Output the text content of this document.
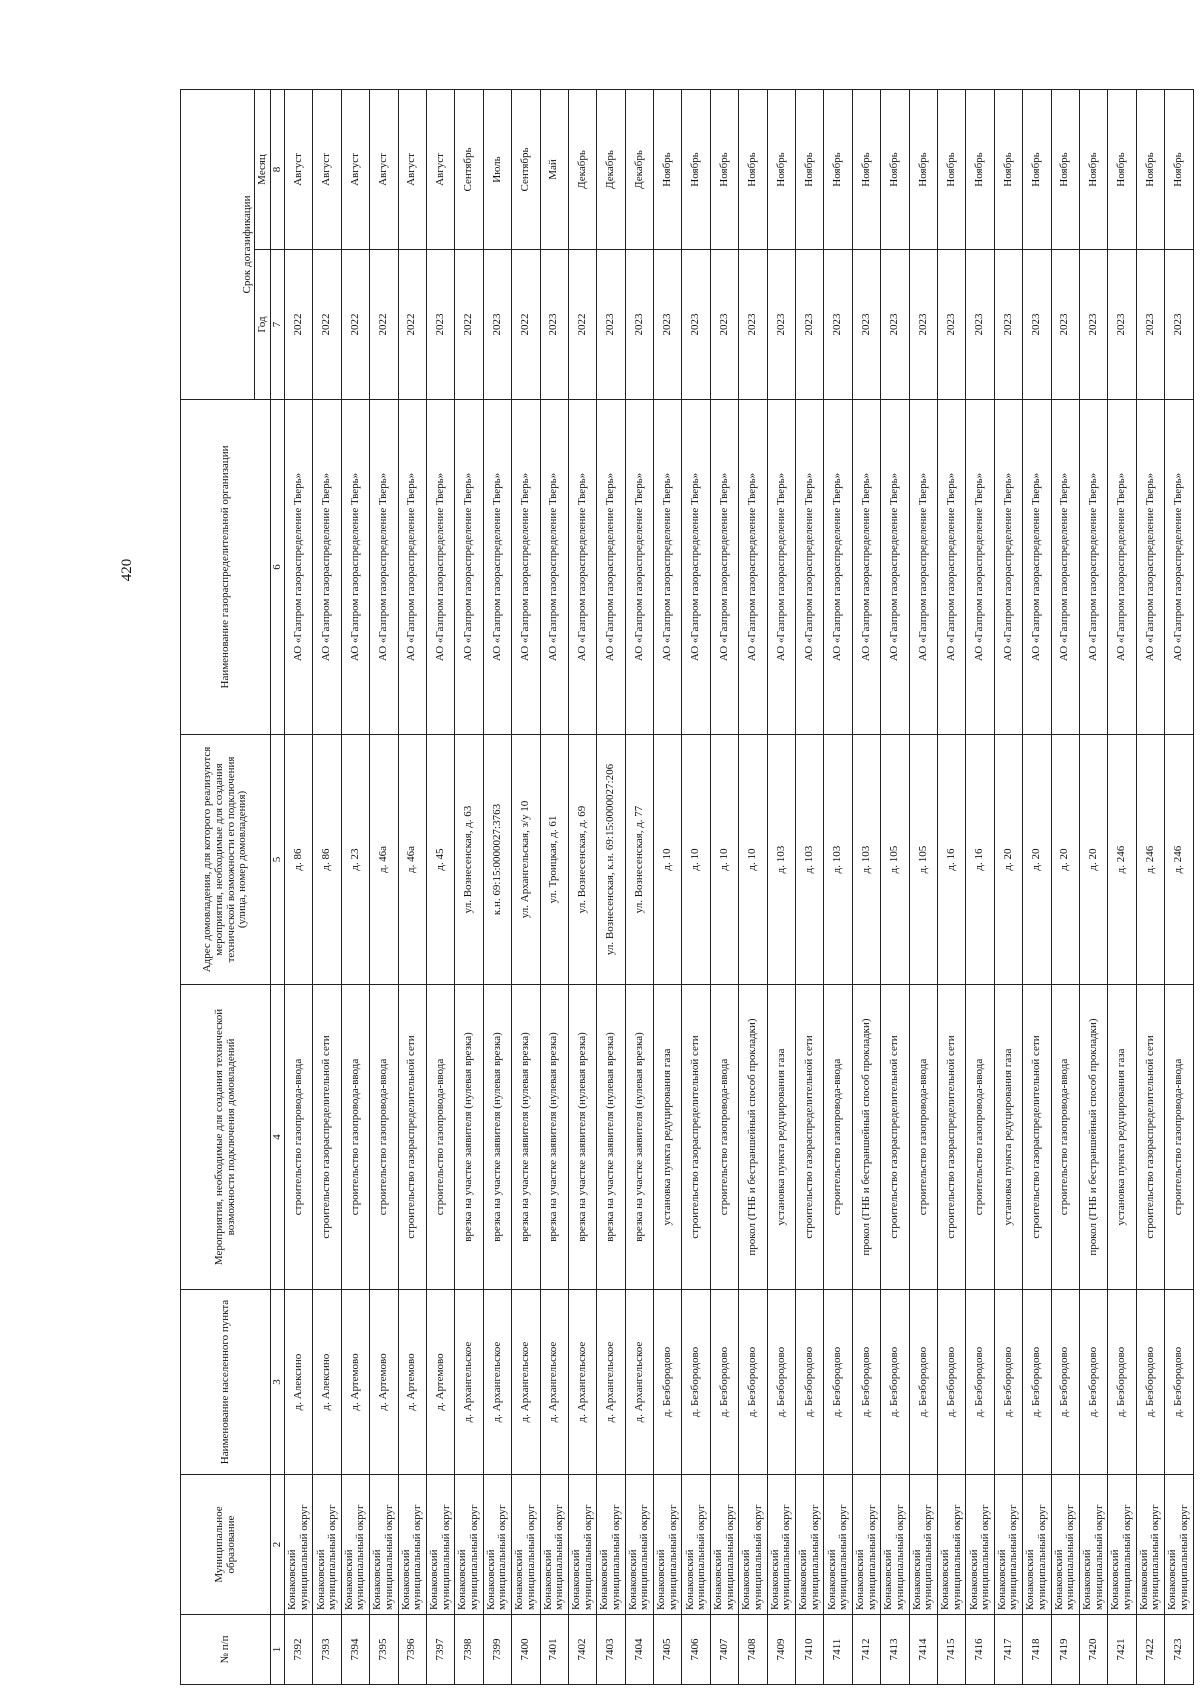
420
№ п/п	Муниципальное образование	Наименование населенного пункта	Мероприятия, необходимые для создания технической возможности подключения домовладений	Адрес домовладения, для которого реализуются мероприятия, необходимые для создания технической возможности его подключения (улица, номер домовладения)	Наименование газораспределительной организации	Срок догазификации	
						Год	Месяц
1	2	3	4	5	6	7	8
7392	Конаковский муниципальный округ	д. Алексино	строительство газопровода-ввода	д. 86	АО «Газпром газораспределение Тверь»	2022	Август
7393	Конаковский муниципальный округ	д. Алексино	строительство газораспределительной сети	д. 86	АО «Газпром газораспределение Тверь»	2022	Август
7394	Конаковский муниципальный округ	д. Артемово	строительство газопровода-ввода	д. 23	АО «Газпром газораспределение Тверь»	2022	Август
7395	Конаковский муниципальный округ	д. Артемово	строительство газопровода-ввода	д. 46а	АО «Газпром газораспределение Тверь»	2022	Август
7396	Конаковский муниципальный округ	д. Артемово	строительство газораспределительной сети	д. 46а	АО «Газпром газораспределение Тверь»	2022	Август
7397	Конаковский муниципальный округ	д. Артемово	строительство газопровода-ввода	д. 45	АО «Газпром газораспределение Тверь»	2023	Август
7398	Конаковский муниципальный округ	д. Архангельское	врезка на участке заявителя (нулевая врезка)	ул. Вознесенская, д. 63	АО «Газпром газораспределение Тверь»	2022	Сентябрь
7399	Конаковский муниципальный округ	д. Архангельское	врезка на участке заявителя (нулевая врезка)	к.н. 69:15:0000027:3763	АО «Газпром газораспределение Тверь»	2023	Июль
7400	Конаковский муниципальный округ	д. Архангельское	врезка на участке заявителя (нулевая врезка)	ул. Архангельская, з/у 10	АО «Газпром газораспределение Тверь»	2022	Сентябрь
7401	Конаковский муниципальный округ	д. Архангельское	врезка на участке заявителя (нулевая врезка)	ул. Троицкая, д. 61	АО «Газпром газораспределение Тверь»	2023	Май
7402	Конаковский муниципальный округ	д. Архангельское	врезка на участке заявителя (нулевая врезка)	ул. Вознесенская, д. 69	АО «Газпром газораспределение Тверь»	2022	Декабрь
7403	Конаковский муниципальный округ	д. Архангельское	врезка на участке заявителя (нулевая врезка)	ул. Вознесенская, к.н. 69:15:0000027:206	АО «Газпром газораспределение Тверь»	2023	Декабрь
7404	Конаковский муниципальный округ	д. Архангельское	врезка на участке заявителя (нулевая врезка)	ул. Вознесенская, д. 77	АО «Газпром газораспределение Тверь»	2023	Декабрь
7405	Конаковский муниципальный округ	д. Безбородово	установка пункта редуцирования газа	д. 10	АО «Газпром газораспределение Тверь»	2023	Ноябрь
7406	Конаковский муниципальный округ	д. Безбородово	строительство газораспределительной сети	д. 10	АО «Газпром газораспределение Тверь»	2023	Ноябрь
7407	Конаковский муниципальный округ	д. Безбородово	строительство газопровода-ввода	д. 10	АО «Газпром газораспределение Тверь»	2023	Ноябрь
7408	Конаковский муниципальный округ	д. Безбородово	прокол (ГНБ и бестраншейный способ прокладки)	д. 10	АО «Газпром газораспределение Тверь»	2023	Ноябрь
7409	Конаковский муниципальный округ	д. Безбородово	установка пункта редуцирования газа	д. 103	АО «Газпром газораспределение Тверь»	2023	Ноябрь
7410	Конаковский муниципальный округ	д. Безбородово	строительство газораспределительной сети	д. 103	АО «Газпром газораспределение Тверь»	2023	Ноябрь
7411	Конаковский муниципальный округ	д. Безбородово	строительство газопровода-ввода	д. 103	АО «Газпром газораспределение Тверь»	2023	Ноябрь
7412	Конаковский муниципальный округ	д. Безбородово	прокол (ГНБ и бестраншейный способ прокладки)	д. 103	АО «Газпром газораспределение Тверь»	2023	Ноябрь
7413	Конаковский муниципальный округ	д. Безбородово	строительство газораспределительной сети	д. 105	АО «Газпром газораспределение Тверь»	2023	Ноябрь
7414	Конаковский муниципальный округ	д. Безбородово	строительство газопровода-ввода	д. 105	АО «Газпром газораспределение Тверь»	2023	Ноябрь
7415	Конаковский муниципальный округ	д. Безбородово	строительство газораспределительной сети	д. 16	АО «Газпром газораспределение Тверь»	2023	Ноябрь
7416	Конаковский муниципальный округ	д. Безбородово	строительство газопровода-ввода	д. 16	АО «Газпром газораспределение Тверь»	2023	Ноябрь
7417	Конаковский муниципальный округ	д. Безбородово	установка пункта редуцирования газа	д. 20	АО «Газпром газораспределение Тверь»	2023	Ноябрь
7418	Конаковский муниципальный округ	д. Безбородово	строительство газораспределительной сети	д. 20	АО «Газпром газораспределение Тверь»	2023	Ноябрь
7419	Конаковский муниципальный округ	д. Безбородово	строительство газопровода-ввода	д. 20	АО «Газпром газораспределение Тверь»	2023	Ноябрь
7420	Конаковский муниципальный округ	д. Безбородово	прокол (ГНБ и бестраншейный способ прокладки)	д. 20	АО «Газпром газораспределение Тверь»	2023	Ноябрь
7421	Конаковский муниципальный округ	д. Безбородово	установка пункта редуцирования газа	д. 246	АО «Газпром газораспределение Тверь»	2023	Ноябрь
7422	Конаковский муниципальный округ	д. Безбородово	строительство газораспределительной сети	д. 246	АО «Газпром газораспределение Тверь»	2023	Ноябрь
7423	Конаковский муниципальный округ	д. Безбородово	строительство газопровода-ввода	д. 246	АО «Газпром газораспределение Тверь»	2023	Ноябрь
